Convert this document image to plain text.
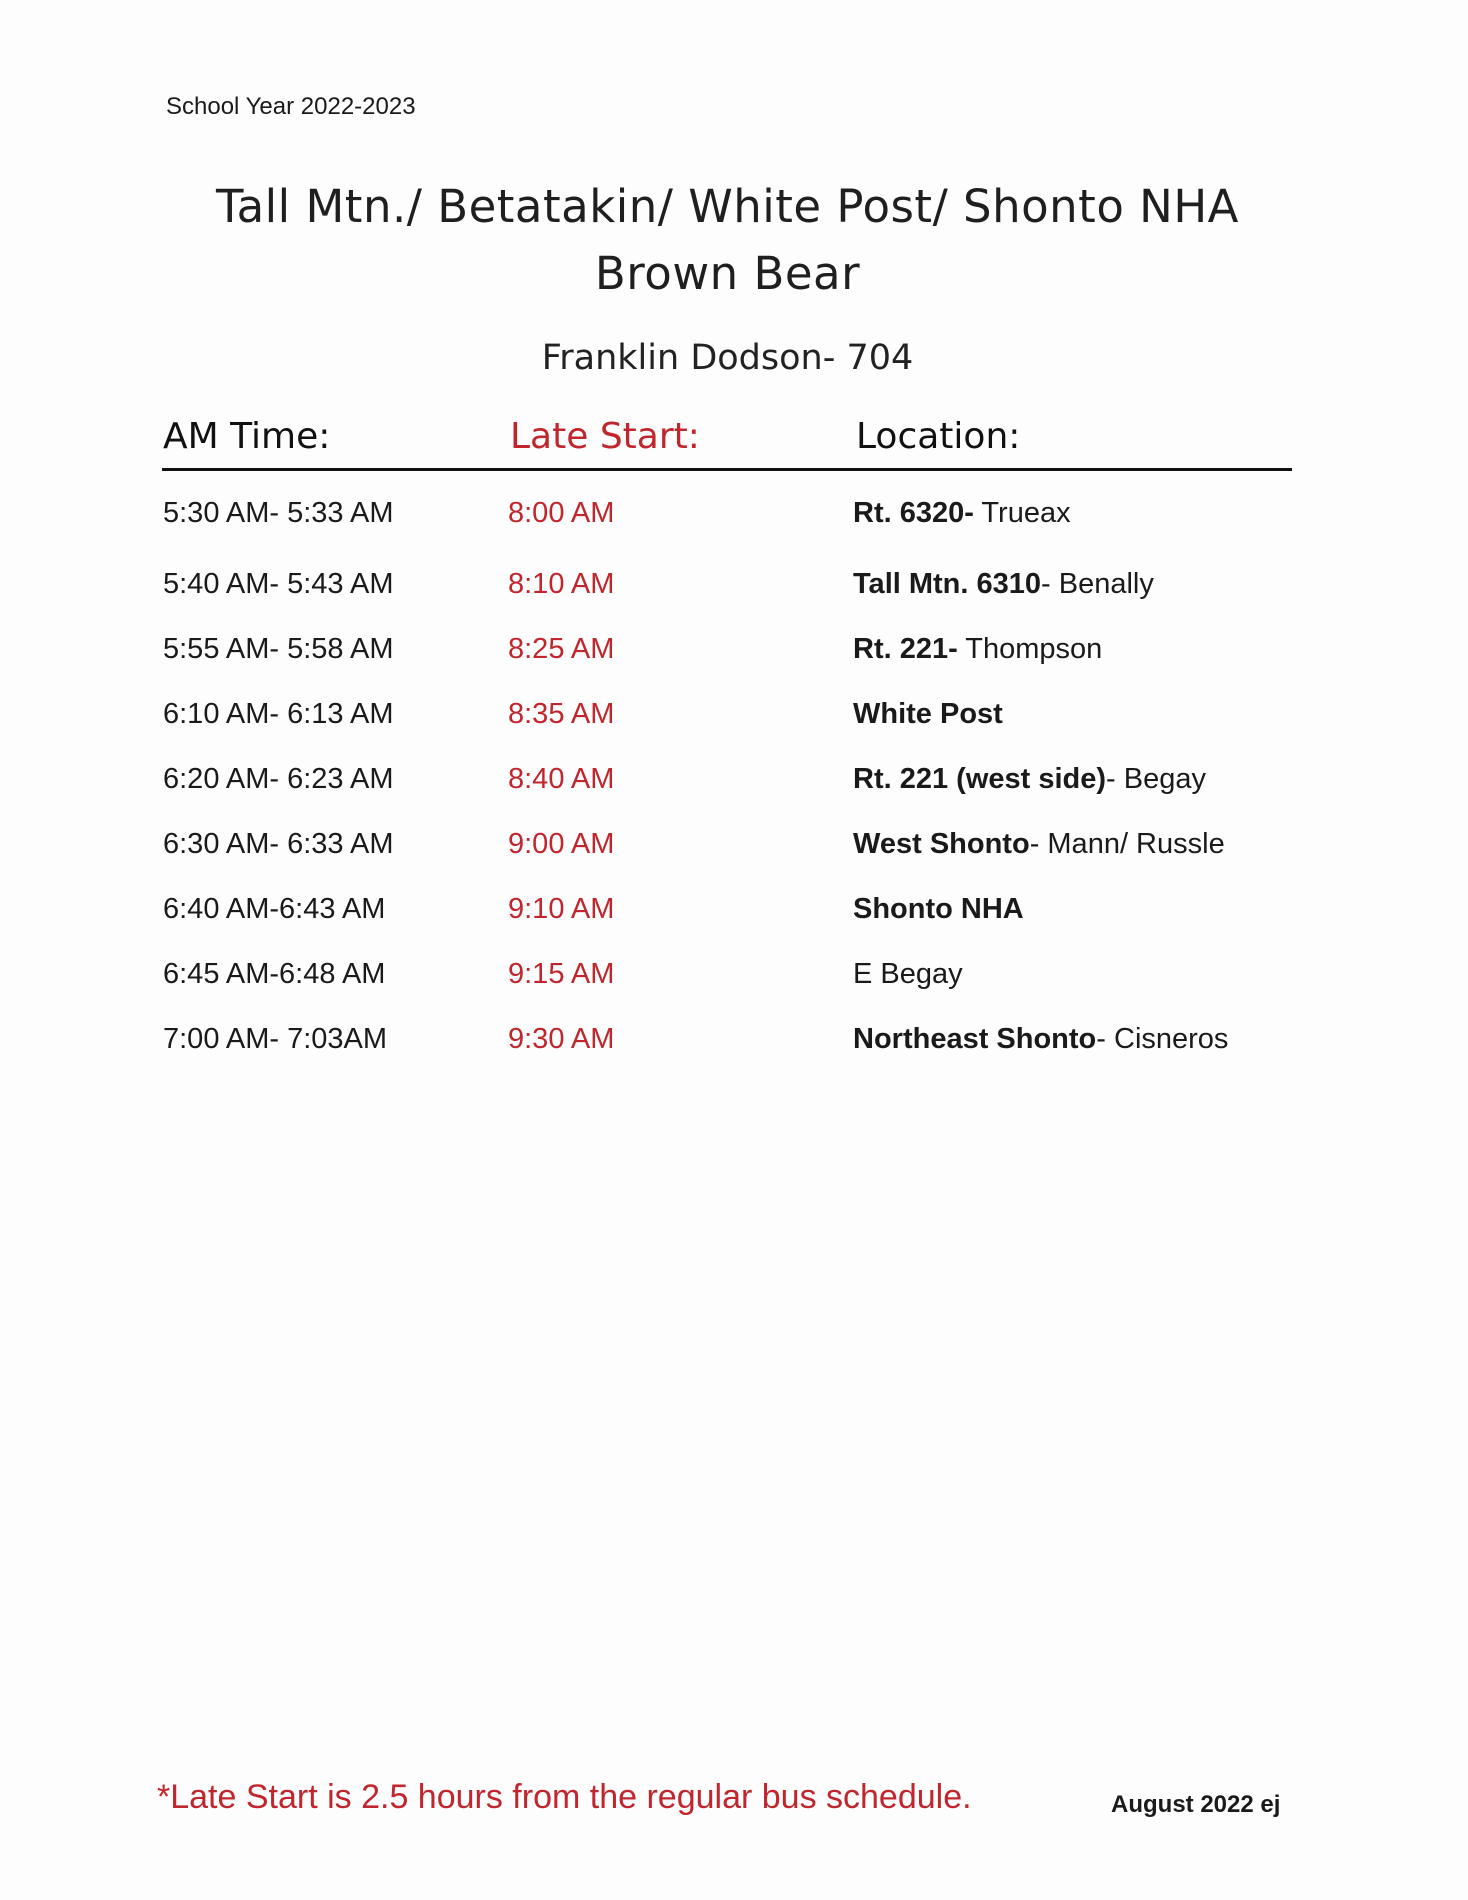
School Year 2022-2023
Tall Mtn./ Betatakin/ White Post/ Shonto NHA
Brown Bear
Franklin Dodson- 704
AM Time:	Late Start:	Location:
5:30 AM- 5:33 AM	8:00 AM	Rt. 6320- Trueax
5:40 AM- 5:43 AM	8:10 AM	Tall Mtn. 6310- Benally
5:55 AM- 5:58 AM	8:25 AM	Rt. 221- Thompson
6:10 AM- 6:13 AM	8:35 AM	White Post
6:20 AM- 6:23 AM	8:40 AM	Rt. 221 (west side)- Begay
6:30 AM- 6:33 AM	9:00 AM	West Shonto- Mann/ Russle
6:40 AM-6:43 AM	9:10 AM	Shonto NHA
6:45 AM-6:48 AM	9:15 AM	E Begay
7:00 AM- 7:03AM	9:30 AM	Northeast Shonto- Cisneros
*Late Start is 2.5 hours from the regular bus schedule.	August 2022 ej
